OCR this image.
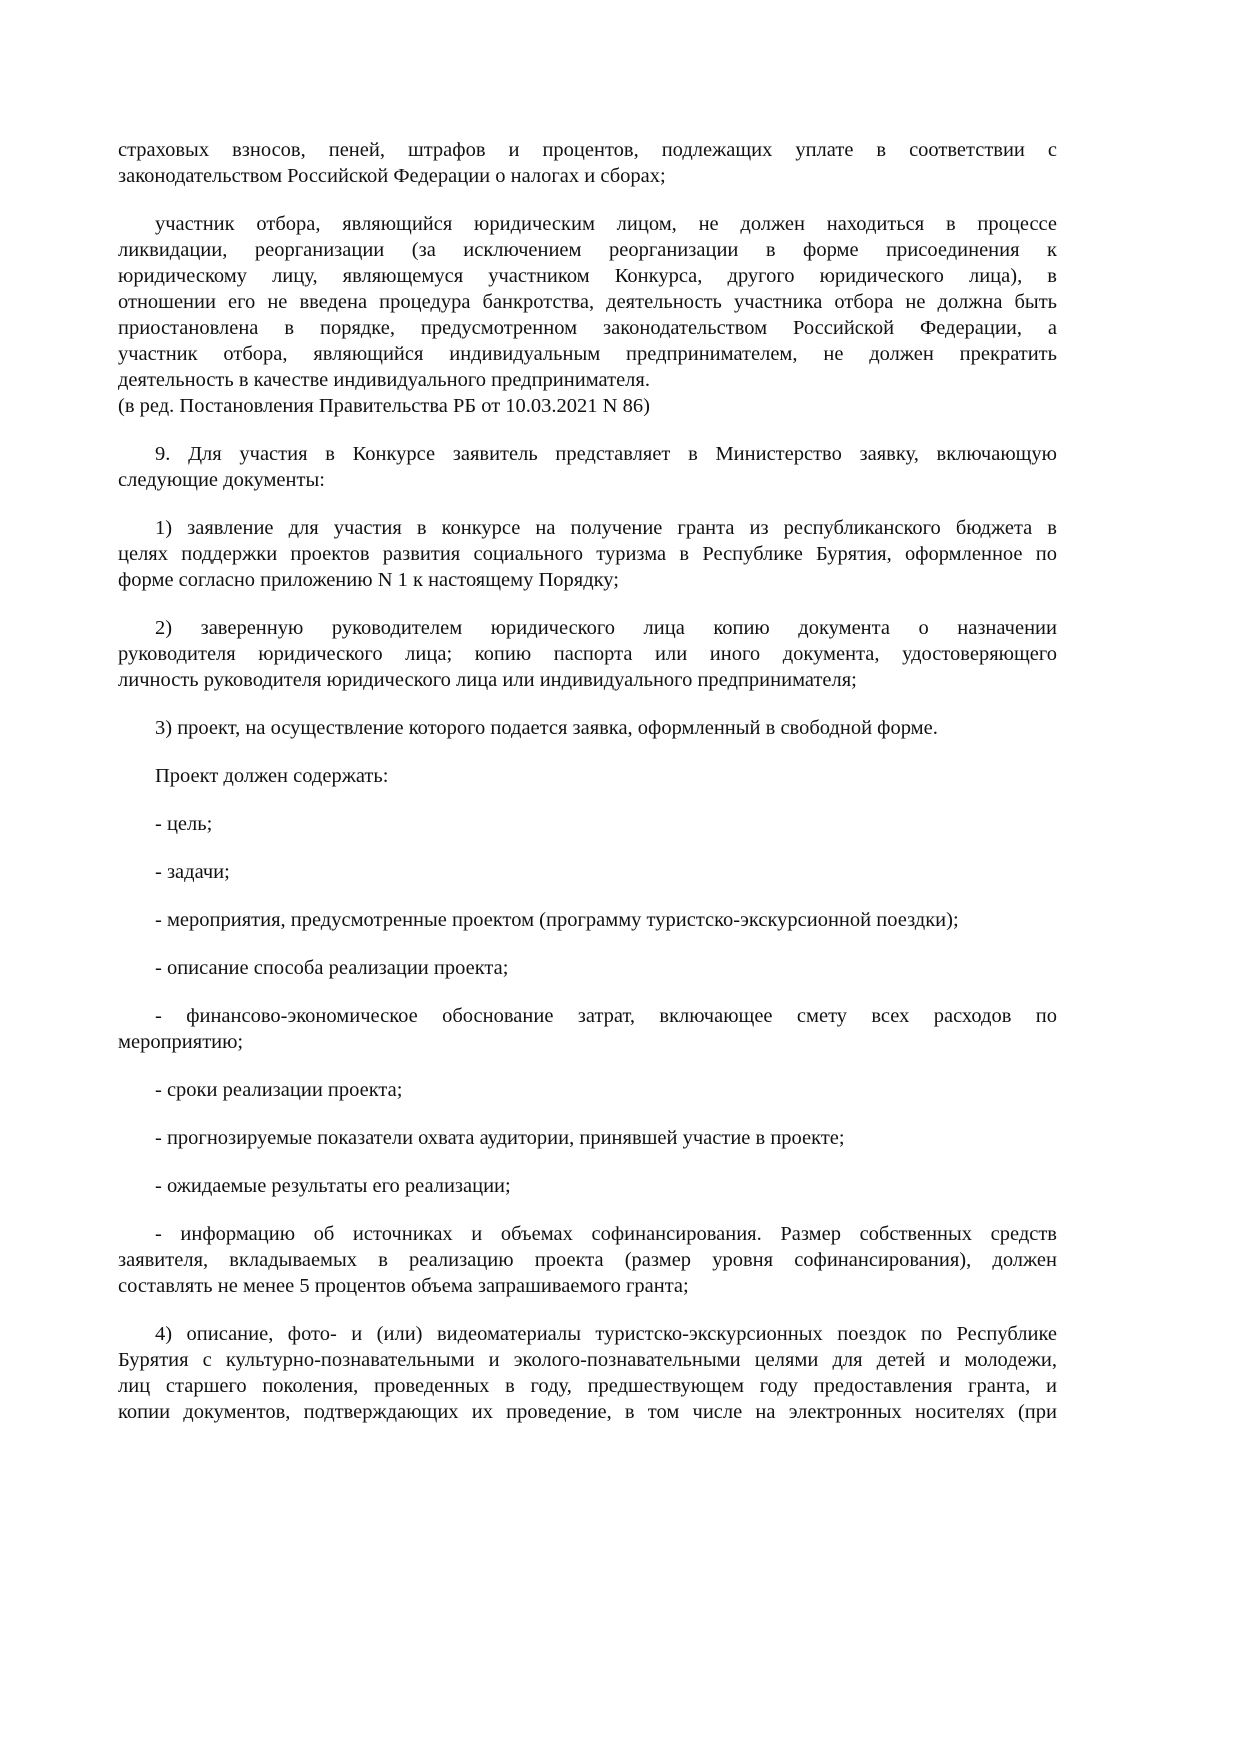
страховых взносов, пеней, штрафов и процентов, подлежащих уплате в соответствии с
законодательством Российской Федерации о налогах и сборах;
участник отбора, являющийся юридическим лицом, не должен находиться в процессе
ликвидации, реорганизации (за исключением реорганизации в форме присоединения к
юридическому лицу, являющемуся участником Конкурса, другого юридического лица), в
отношении его не введена процедура банкротства, деятельность участника отбора не должна быть
приостановлена в порядке, предусмотренном законодательством Российской Федерации, а
участник отбора, являющийся индивидуальным предпринимателем, не должен прекратить
деятельность в качестве индивидуального предпринимателя.
(в ред. Постановления Правительства РБ от 10.03.2021 N 86)
9. Для участия в Конкурсе заявитель представляет в Министерство заявку, включающую
следующие документы:
1) заявление для участия в конкурсе на получение гранта из республиканского бюджета в
целях поддержки проектов развития социального туризма в Республике Бурятия, оформленное по
форме согласно приложению N 1 к настоящему Порядку;
2) заверенную руководителем юридического лица копию документа о назначении
руководителя юридического лица; копию паспорта или иного документа, удостоверяющего
личность руководителя юридического лица или индивидуального предпринимателя;
3) проект, на осуществление которого подается заявка, оформленный в свободной форме.
Проект должен содержать:
- цель;
- задачи;
- мероприятия, предусмотренные проектом (программу туристско-экскурсионной поездки);
- описание способа реализации проекта;
- финансово-экономическое обоснование затрат, включающее смету всех расходов по
мероприятию;
- сроки реализации проекта;
- прогнозируемые показатели охвата аудитории, принявшей участие в проекте;
- ожидаемые результаты его реализации;
- информацию об источниках и объемах софинансирования. Размер собственных средств
заявителя, вкладываемых в реализацию проекта (размер уровня софинансирования), должен
составлять не менее 5 процентов объема запрашиваемого гранта;
4) описание, фото- и (или) видеоматериалы туристско-экскурсионных поездок по Республике
Бурятия с культурно-познавательными и эколого-познавательными целями для детей и молодежи,
лиц старшего поколения, проведенных в году, предшествующем году предоставления гранта, и
копии документов, подтверждающих их проведение, в том числе на электронных носителях (при
